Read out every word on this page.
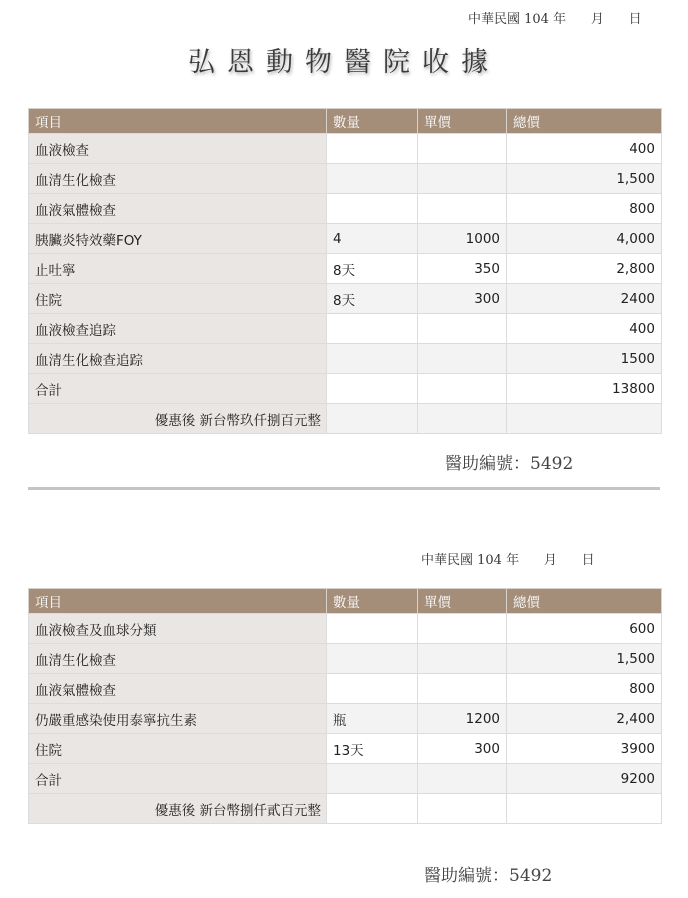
中華民國 104 年      月      日
弘恩動物醫院收據
項目	數量	單價	總價
血液檢查			400
血清生化檢查			1,500
血液氣體檢查			800
胰臟炎特效藥FOY	4	1000	4,000
止吐寧	8天	350	2,800
住院	8天	300	2400
血液檢查追踪			400
血清生化檢查追踪			1500
合計			13800
優惠後 新台幣玖仟捌百元整			
醫助編號：5492
中華民國 104 年      月      日
項目	數量	單價	總價
血液檢查及血球分類			600
血清生化檢查			1,500
血液氣體檢查			800
仍嚴重感染使用泰寧抗生素	瓶	1200	2,400
住院	13天	300	3900
合計			9200
優惠後 新台幣捌仟貳百元整			
醫助編號：5492
